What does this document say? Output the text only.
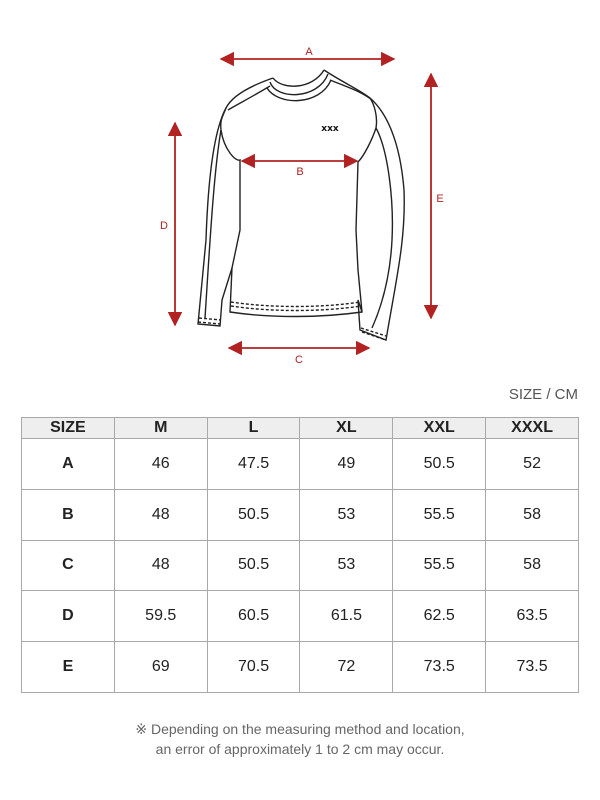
xxx
A
B
C
D
E
SIZE / CM
SIZE	M	L	XL	XXL	XXXL
A	46	47.5	49	50.5	52
B	48	50.5	53	55.5	58
C	48	50.5	53	55.5	58
D	59.5	60.5	61.5	62.5	63.5
E	69	70.5	72	73.5	73.5
※ Depending on the measuring method and location,
an error of approximately 1 to 2 cm may occur.
